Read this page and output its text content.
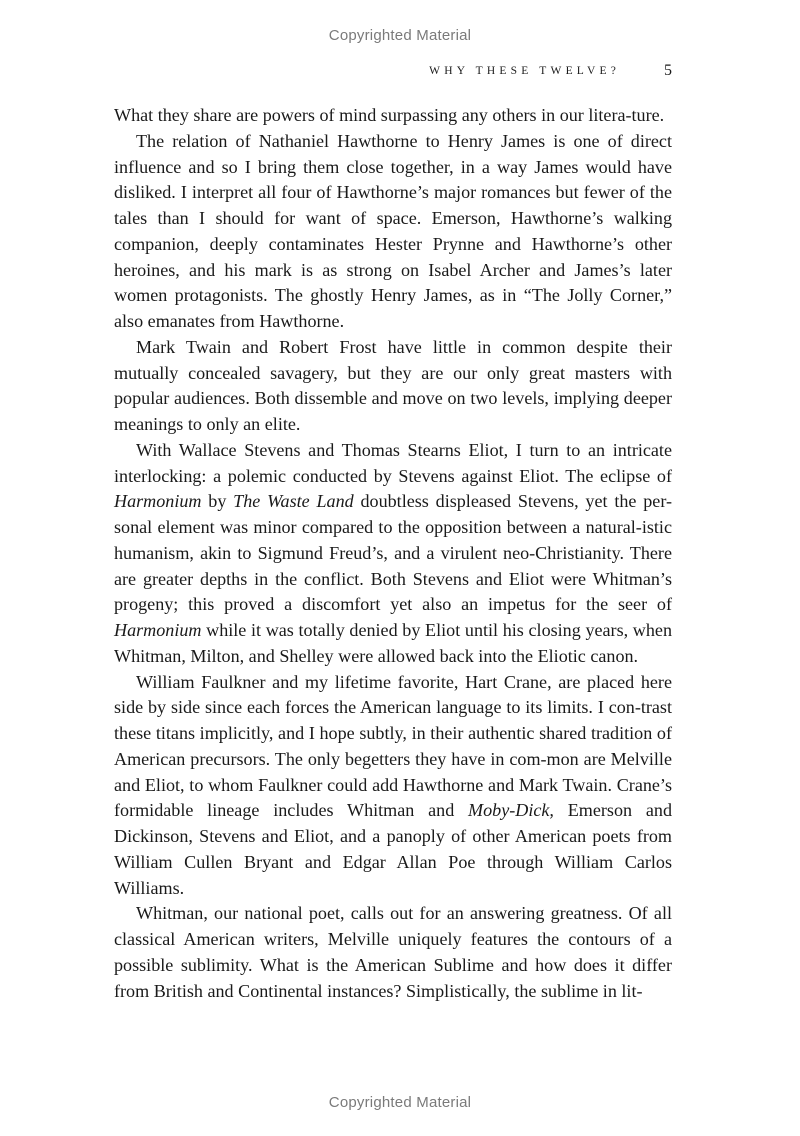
Copyrighted Material
WHY THESE TWELVE?	5

What they share are powers of mind surpassing any others in our litera-ture.

The relation of Nathaniel Hawthorne to Henry James is one of direct influence and so I bring them close together, in a way James would have disliked. I interpret all four of Hawthorne’s major romances but fewer of the tales than I should for want of space. Emerson, Hawthorne’s walking companion, deeply contaminates Hester Prynne and Hawthorne’s other heroines, and his mark is as strong on Isabel Archer and James’s later women protagonists. The ghostly Henry James, as in “The Jolly Corner,” also emanates from Hawthorne.

Mark Twain and Robert Frost have little in common despite their mutually concealed savagery, but they are our only great masters with popular audiences. Both dissemble and move on two levels, implying deeper meanings to only an elite.

With Wallace Stevens and Thomas Stearns Eliot, I turn to an intricate interlocking: a polemic conducted by Stevens against Eliot. The eclipse of Harmonium by The Waste Land doubtless displeased Stevens, yet the per-sonal element was minor compared to the opposition between a natural-istic humanism, akin to Sigmund Freud’s, and a virulent neo-Christianity. There are greater depths in the conflict. Both Stevens and Eliot were Whitman’s progeny; this proved a discomfort yet also an impetus for the seer of Harmonium while it was totally denied by Eliot until his closing years, when Whitman, Milton, and Shelley were allowed back into the Eliotic canon.

William Faulkner and my lifetime favorite, Hart Crane, are placed here side by side since each forces the American language to its limits. I con-trast these titans implicitly, and I hope subtly, in their authentic shared tradition of American precursors. The only begetters they have in com-mon are Melville and Eliot, to whom Faulkner could add Hawthorne and Mark Twain. Crane’s formidable lineage includes Whitman and Moby-Dick, Emerson and Dickinson, Stevens and Eliot, and a panoply of other American poets from William Cullen Bryant and Edgar Allan Poe through William Carlos Williams.

Whitman, our national poet, calls out for an answering greatness. Of all classical American writers, Melville uniquely features the contours of a possible sublimity. What is the American Sublime and how does it differ from British and Continental instances? Simplistically, the sublime in lit-

Copyrighted Material
